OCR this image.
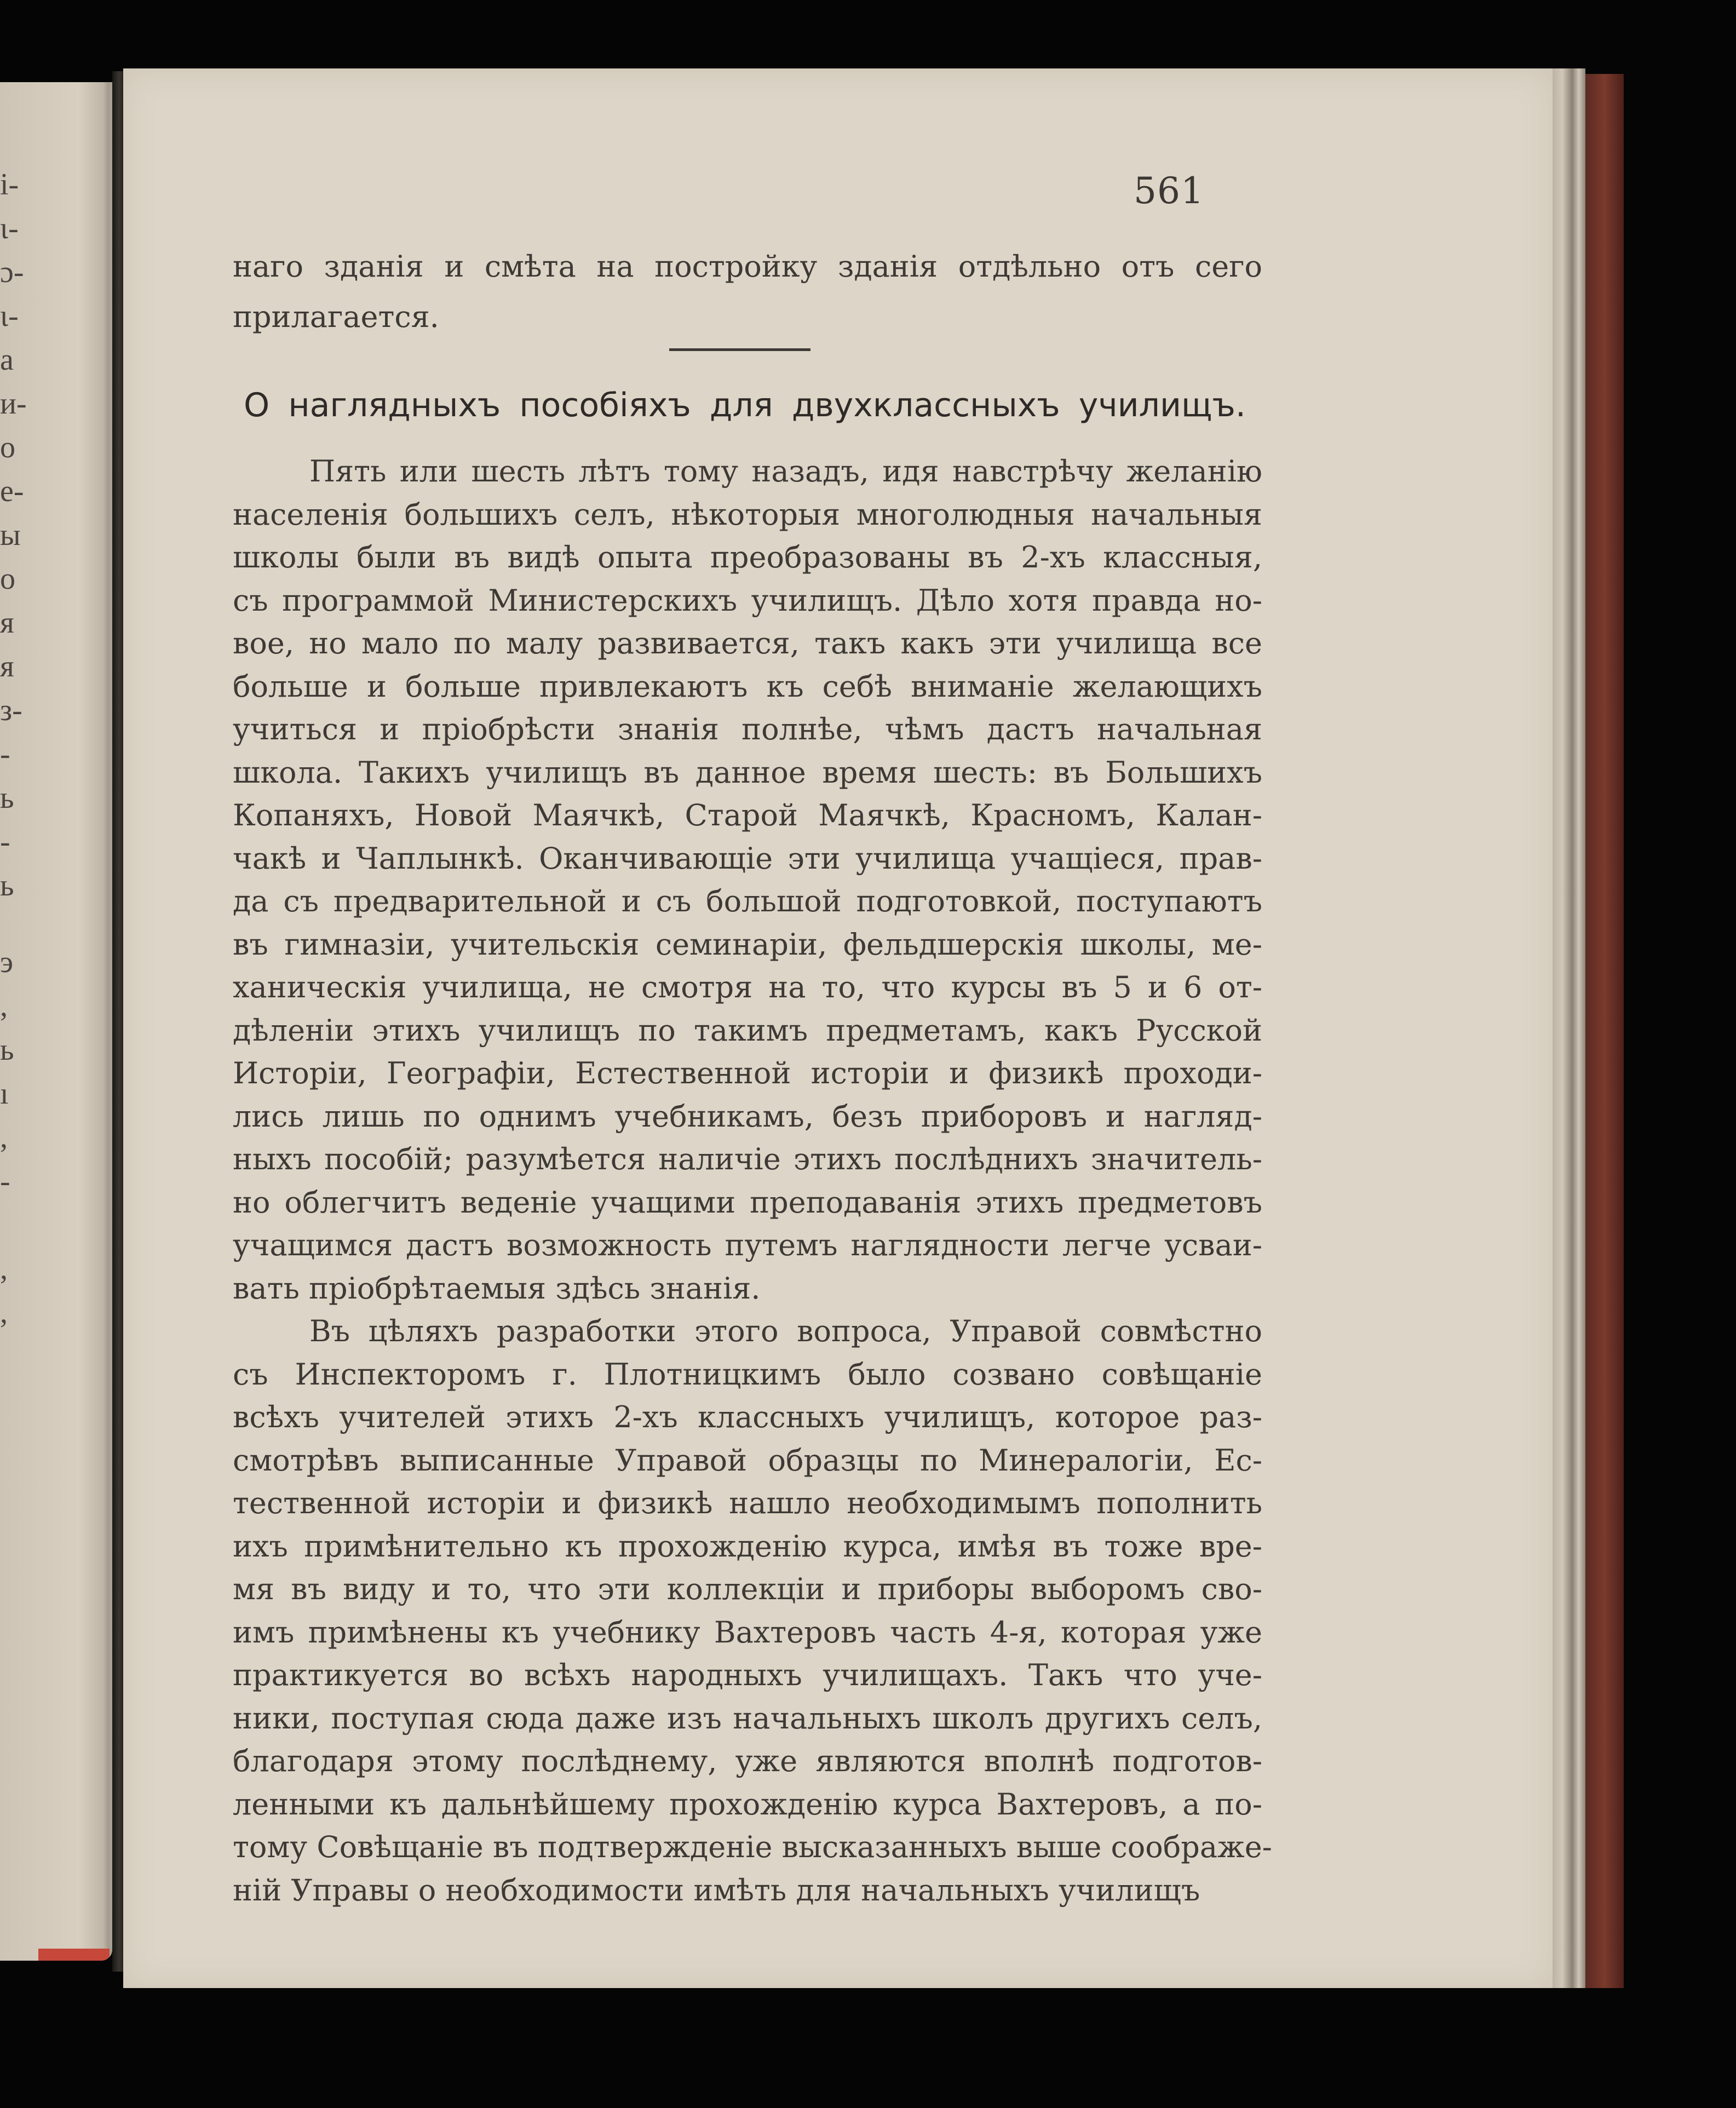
і-
ɩ-
ɔ-
ɩ-
а
и-
о
е-
ы
о
я
я
з-
-
ь
-
ь
э
,
ь
ı
,
-
,
,
561
наго зданія и смѣта на постройку зданія отдѣльно отъ сего
прилагается.
О наглядныхъ пособіяхъ для двухклассныхъ училищъ.
Пять или шесть лѣтъ тому назадъ, идя навстрѣчу желанію
населенія большихъ селъ, нѣкоторыя многолюдныя начальныя
школы были въ видѣ опыта преобразованы въ 2-хъ классныя,
съ программой Министерскихъ училищъ. Дѣло хотя правда но-
вое, но мало по малу развивается, такъ какъ эти училища все
больше и больше привлекаютъ къ себѣ вниманіе желающихъ
учиться и пріобрѣсти знанія полнѣе, чѣмъ дастъ начальная
школа. Такихъ училищъ въ данное время шесть: въ Большихъ
Копаняхъ, Новой Маячкѣ, Старой Маячкѣ, Красномъ, Калан-
чакѣ и Чаплынкѣ. Оканчивающіе эти училища учащіеся, прав-
да съ предварительной и съ большой подготовкой, поступаютъ
въ гимназіи, учительскія семинаріи, фельдшерскія школы, ме-
ханическія училища, не смотря на то, что курсы въ 5 и 6 от-
дѣленіи этихъ училищъ по такимъ предметамъ, какъ Русской
Исторіи, Географіи, Естественной исторіи и физикѣ проходи-
лись лишь по однимъ учебникамъ, безъ приборовъ и нагляд-
ныхъ пособій; разумѣется наличіе этихъ послѣднихъ значитель-
но облегчитъ веденіе учащими преподаванія этихъ предметовъ
учащимся дастъ возможность путемъ наглядности легче усваи-
вать пріобрѣтаемыя здѣсь знанія.
Въ цѣляхъ разработки этого вопроса, Управой совмѣстно
съ Инспекторомъ г. Плотницкимъ было созвано совѣщаніе
всѣхъ учителей этихъ 2-хъ классныхъ училищъ, которое раз-
смотрѣвъ выписанные Управой образцы по Минералогіи, Ес-
тественной исторіи и физикѣ нашло необходимымъ пополнить
ихъ примѣнительно къ прохожденію курса, имѣя въ тоже вре-
мя въ виду и то, что эти коллекціи и приборы выборомъ сво-
имъ примѣнены къ учебнику Вахтеровъ часть 4-я, которая уже
практикуется во всѣхъ народныхъ училищахъ. Такъ что уче-
ники, поступая сюда даже изъ начальныхъ школъ другихъ селъ,
благодаря этому послѣднему, уже являются вполнѣ подготов-
ленными къ дальнѣйшему прохожденію курса Вахтеровъ, а по-
тому Совѣщаніе въ подтвержденіе высказанныхъ выше соображе-
ній Управы о необходимости имѣть для начальныхъ училищъ
